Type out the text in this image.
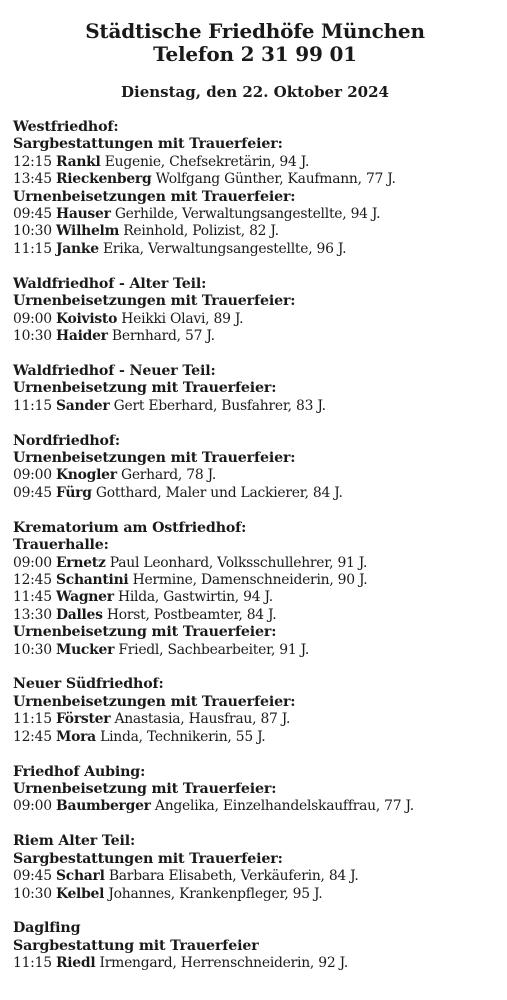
Städtische Friedhöfe München
Telefon 2 31 99 01
Dienstag, den 22. Oktober 2024
Westfriedhof:
Sargbestattungen mit Trauerfeier:
12:15 Rankl Eugenie, Chefsekretärin, 94 J.
13:45 Rieckenberg Wolfgang Günther, Kaufmann, 77 J.
Urnenbeisetzungen mit Trauerfeier:
09:45 Hauser Gerhilde, Verwaltungsangestellte, 94 J.
10:30 Wilhelm Reinhold, Polizist, 82 J.
11:15 Janke Erika, Verwaltungsangestellte, 96 J.
Waldfriedhof - Alter Teil:
Urnenbeisetzungen mit Trauerfeier:
09:00 Koivisto Heikki Olavi, 89 J.
10:30 Haider Bernhard, 57 J.
Waldfriedhof - Neuer Teil:
Urnenbeisetzung mit Trauerfeier:
11:15 Sander Gert Eberhard, Busfahrer, 83 J.
Nordfriedhof:
Urnenbeisetzungen mit Trauerfeier:
09:00 Knogler Gerhard, 78 J.
09:45 Fürg Gotthard, Maler und Lackierer, 84 J.
Krematorium am Ostfriedhof:
Trauerhalle:
09:00 Ernetz Paul Leonhard, Volksschullehrer, 91 J.
12:45 Schantini Hermine, Damenschneiderin, 90 J.
11:45 Wagner Hilda, Gastwirtin, 94 J.
13:30 Dalles Horst, Postbeamter, 84 J.
Urnenbeisetzung mit Trauerfeier:
10:30 Mucker Friedl, Sachbearbeiter, 91 J.
Neuer Südfriedhof:
Urnenbeisetzungen mit Trauerfeier:
11:15 Förster Anastasia, Hausfrau, 87 J.
12:45 Mora Linda, Technikerin, 55 J.
Friedhof Aubing:
Urnenbeisetzung mit Trauerfeier:
09:00 Baumberger Angelika, Einzelhandelskauffrau, 77 J.
Riem Alter Teil:
Sargbestattungen mit Trauerfeier:
09:45 Scharl Barbara Elisabeth, Verkäuferin, 84 J.
10:30 Kelbel Johannes, Krankenpfleger, 95 J.
Daglfing
Sargbestattung mit Trauerfeier
11:15 Riedl Irmengard, Herrenschneiderin, 92 J.
